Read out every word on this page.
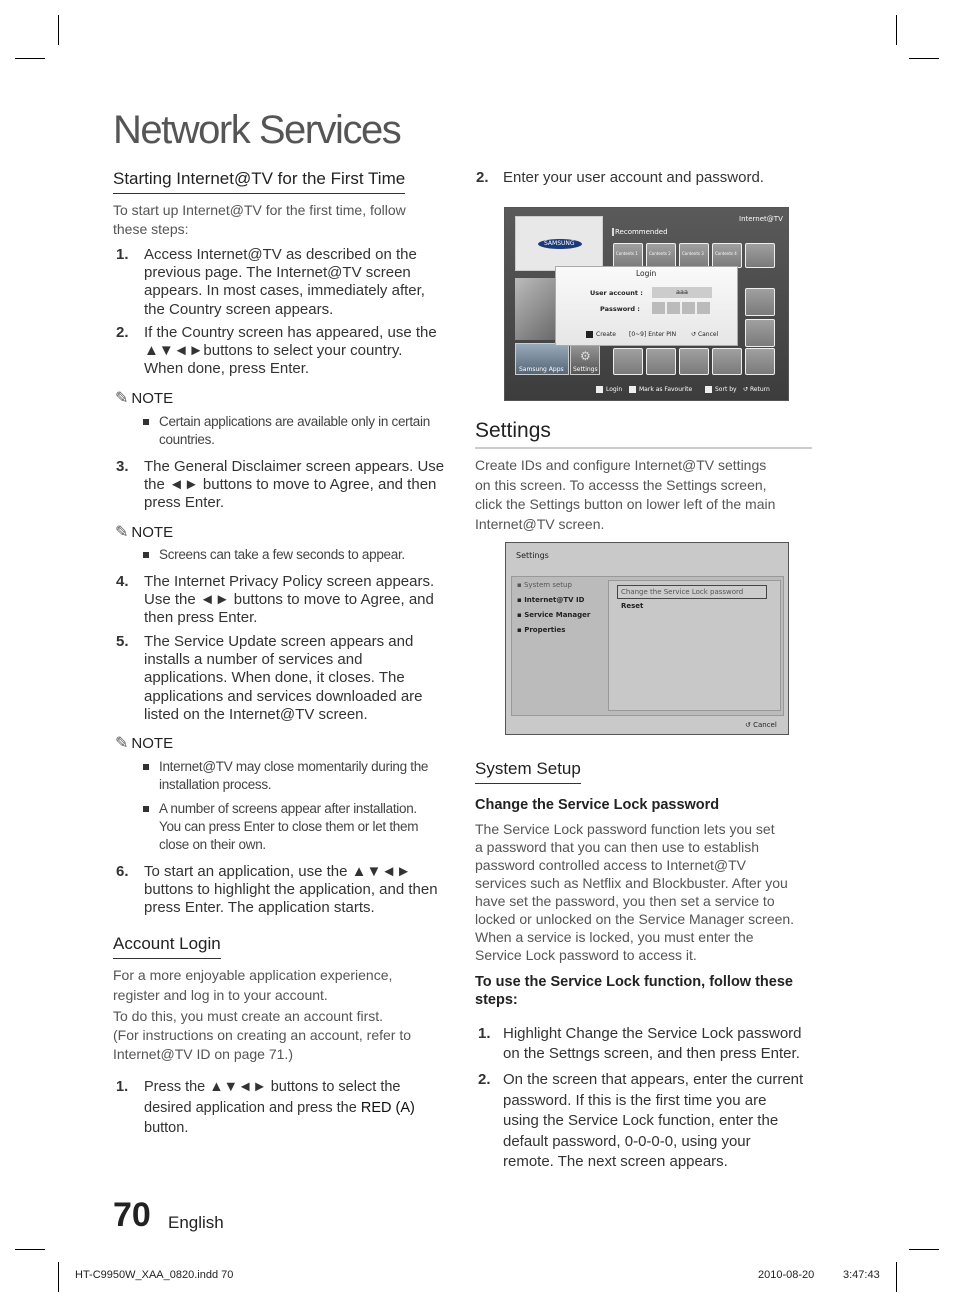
Network Services
Starting Internet@TV for the First Time
To start up Internet@TV for the first time, follow
these steps:
1. Access Internet@TV as described on the
previous page. The Internet@TV screen
appears. In most cases, immediately after,
the Country screen appears.
2. If the Country screen has appeared, use the
▲▼◄►buttons to select your country.
When done, press Enter.
✎ NOTE
Certain applications are available only in certain
countries.
3. The General Disclaimer screen appears. Use
the ◄► buttons to move to Agree, and then
press Enter.
✎ NOTE
Screens can take a few seconds to appear.
4. The Internet Privacy Policy screen appears.
Use the ◄► buttons to move to Agree, and
then press Enter.
5. The Service Update screen appears and
installs a number of services and
applications. When done, it closes. The
applications and services downloaded are
listed on the Internet@TV screen.
✎ NOTE
Internet@TV may close momentarily during the
installation process.
A number of screens appear after installation.
You can press Enter to close them or let them
close on their own.
6. To start an application, use the ▲▼◄►
buttons to highlight the application, and then
press Enter. The application starts.
Account Login
For a more enjoyable application experience,
register and log in to your account.
To do this, you must create an account first.
(For instructions on creating an account, refer to
Internet@TV ID on page 71.)
1. Press the ▲▼◄► buttons to select the
desired application and press the RED (A)
button.
70 English
HT-C9950W_XAA_0820.indd 70	2010-08-20	3:47:43
2. Enter your user account and password.
SAMSUNG
Internet@TV
Recommended
Contents 1	Contents 2	Contents 3	Contents 4
Samsung Apps
⚙
Settings
Login
User account :	aaa
Password :
Create [0~9] Enter PIN ↺ Cancel
Login	Mark as Favourite	Sort by ↺ Return
Settings
Create IDs and configure Internet@TV settings
on this screen. To accesss the Settings screen,
click the Settings button on lower left of the main
Internet@TV screen.
Settings
▪ System setup
▪ Internet@TV ID
▪ Service Manager
▪ Properties
Change the Service Lock password
Reset
↺ Cancel
System Setup
Change the Service Lock password
The Service Lock password function lets you set
a password that you can then use to establish
password controlled access to Internet@TV
services such as Netflix and Blockbuster. After you
have set the password, you then set a service to
locked or unlocked on the Service Manager screen.
When a service is locked, you must enter the
Service Lock password to access it.
To use the Service Lock function, follow these
steps:
1. Highlight Change the Service Lock password
on the Settngs screen, and then press Enter.
2. On the screen that appears, enter the current
password. If this is the first time you are
using the Service Lock function, enter the
default password, 0-0-0-0, using your
remote. The next screen appears.
